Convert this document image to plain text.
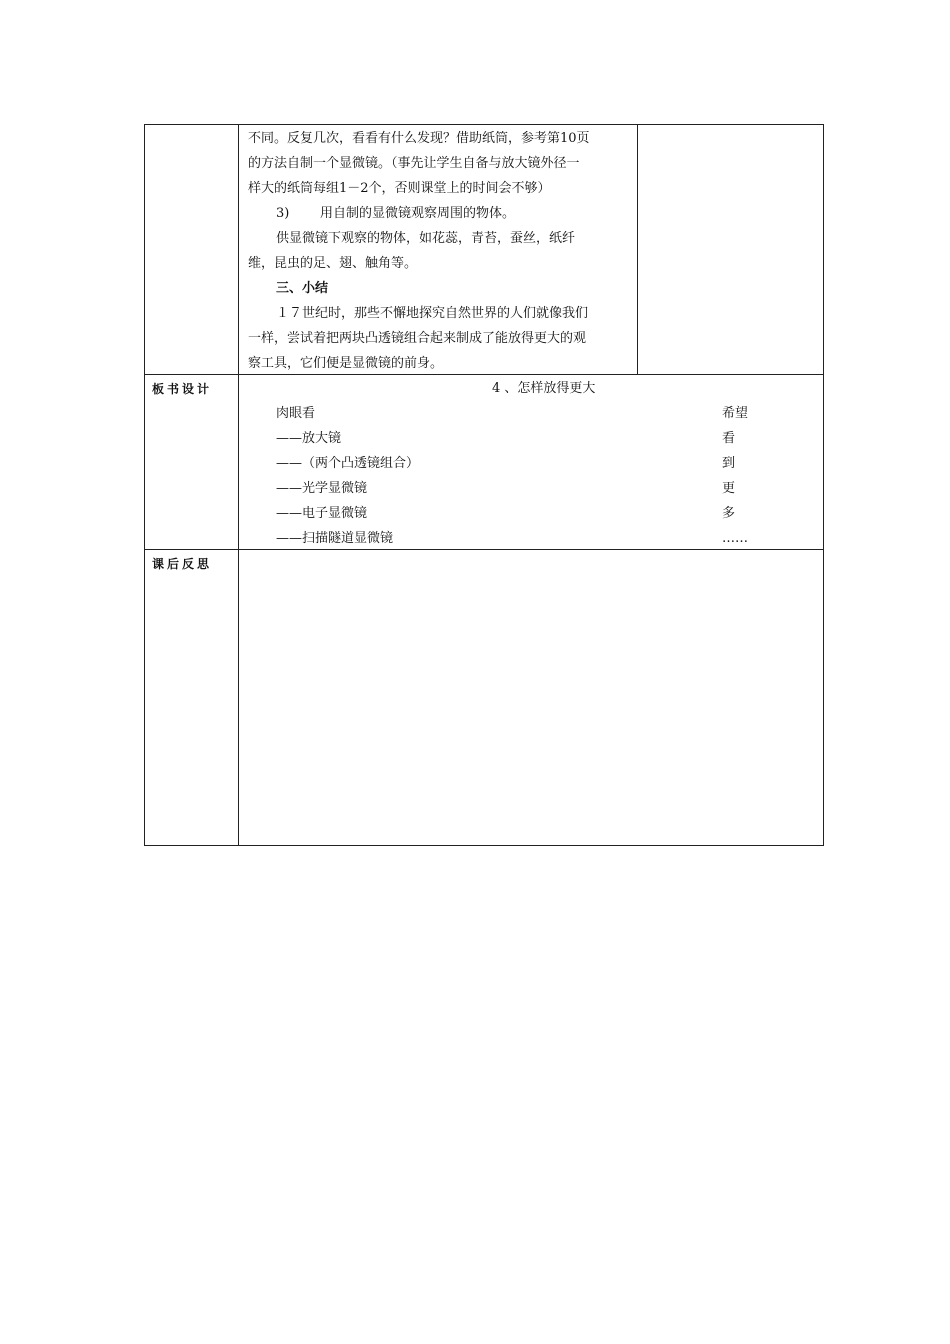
不同。反复几次，看看有什么发现？借助纸筒，参考第10页
的方法自制一个显微镜。（事先让学生自备与放大镜外径一
样大的纸筒每组1－2个，否则课堂上的时间会不够）
3) 用自制的显微镜观察周围的物体。
供显微镜下观察的物体，如花蕊，青苔，蚕丝，纸纤
维，昆虫的足、翅、触角等。
三、小结
１７世纪时，那些不懈地探究自然世界的人们就像我们
一样，尝试着把两块凸透镜组合起来制成了能放得更大的观
察工具，它们便是显微镜的前身。
板书设计	4 、怎样放得更大
肉眼看
——放大镜
——（两个凸透镜组合）
——光学显微镜
——电子显微镜
——扫描隧道显微镜
希望
看
到
更
多
……
课后反思
